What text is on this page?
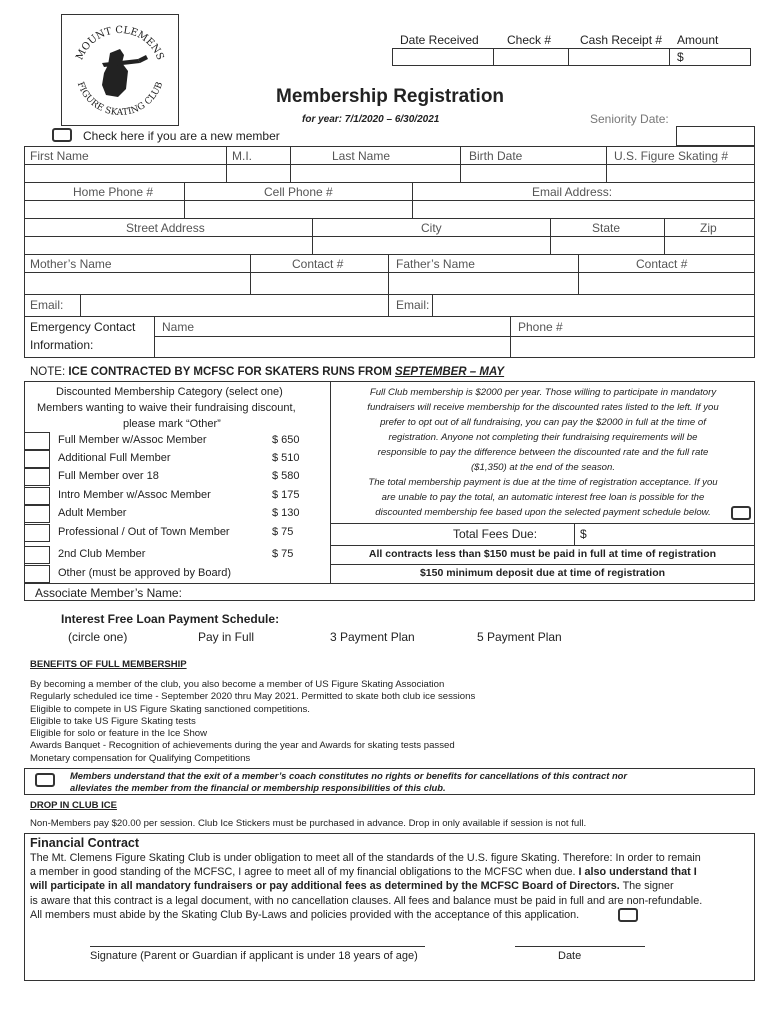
MOUNT CLEMENS
FIGURE SKATING CLUB
Date Received Check # Cash Receipt # Amount
$
Membership Registration
for year: 7/1/2020 – 6/30/2021	Seniority Date:
Check here if you are a new member
First Name	M.I.	Last Name	Birth Date	U.S. Figure Skating #
Home Phone #	Cell Phone #	Email Address:
Street Address	City	State	Zip
Mother’s Name	Contact #	Father’s Name	Contact #
Email:	Email:
Emergency Contact
Information:
Name	Phone #
NOTE: ICE CONTRACTED BY MCFSC FOR SKATERS RUNS FROM SEPTEMBER – MAY
Discounted Membership Category (select one)
Members wanting to waive their fundraising discount,
please mark “Other”
Full Member w/Assoc Member	$ 650
Additional Full Member	$ 510
Full Member over 18	$ 580
Intro Member w/Assoc Member	$ 175
Adult Member	$ 130
Professional / Out of Town Member	$ 75
2nd Club Member	$ 75
Other (must be approved by Board)
Associate Member’s Name:
Full Club membership is $2000 per year. Those willing to participate in mandatory
fundraisers will receive membership for the discounted rates listed to the left. If you
prefer to opt out of all fundraising, you can pay the $2000 in full at the time of
registration. Anyone not completing their fundraising requirements will be
responsible to pay the difference between the discounted rate and the full rate
($1,350) at the end of the season.
The total membership payment is due at the time of registration acceptance. If you
are unable to pay the total, an automatic interest free loan is possible for the
discounted membership fee based upon the selected payment schedule below.
Total Fees Due:	$
All contracts less than $150 must be paid in full at time of registration
$150 minimum deposit due at time of registration
Interest Free Loan Payment Schedule:
(circle one)	Pay in Full	3 Payment Plan	5 Payment Plan
BENEFITS OF FULL MEMBERSHIP
By becoming a member of the club, you also become a member of US Figure Skating Association
Regularly scheduled ice time - September 2020 thru May 2021. Permitted to skate both club ice sessions
Eligible to compete in US Figure Skating sanctioned competitions.
Eligible to take US Figure Skating tests
Eligible for solo or feature in the Ice Show
Awards Banquet - Recognition of achievements during the year and Awards for skating tests passed
Monetary compensation for Qualifying Competitions
Members understand that the exit of a member’s coach constitutes no rights or benefits for cancellations of this contract nor
alleviates the member from the financial or membership responsibilities of this club.
DROP IN CLUB ICE
Non-Members pay $20.00 per session. Club Ice Stickers must be purchased in advance. Drop in only available if session is not full.
Financial Contract
The Mt. Clemens Figure Skating Club is under obligation to meet all of the standards of the U.S. figure Skating. Therefore: In order to remain
a member in good standing of the MCFSC, I agree to meet all of my financial obligations to the MCFSC when due. I also understand that I
will participate in all mandatory fundraisers or pay additional fees as determined by the MCFSC Board of Directors. The signer
is aware that this contract is a legal document, with no cancellation clauses. All fees and balance must be paid in full and are non-refundable.
All members must abide by the Skating Club By-Laws and policies provided with the acceptance of this application.
Signature (Parent or Guardian if applicant is under 18 years of age)	Date
